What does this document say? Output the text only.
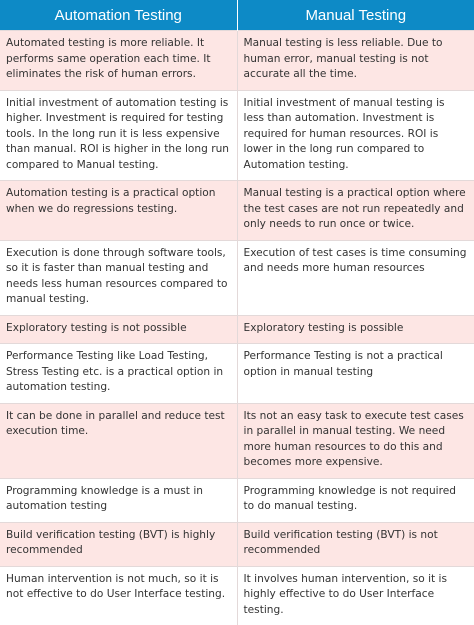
Automation Testing	Manual Testing
Automated testing is more reliable. It performs same operation each time. It eliminates the risk of human errors.	Manual testing is less reliable. Due to human error, manual testing is not accurate all the time.
Initial investment of automation testing is higher. Investment is required for testing tools. In the long run it is less expensive than manual. ROI is higher in the long run compared to Manual testing.	Initial investment of manual testing is less than automation. Investment is required for human resources. ROI is lower in the long run compared to Automation testing.
Automation testing is a practical option when we do regressions testing.	Manual testing is a practical option where the test cases are not run repeatedly and only needs to run once or twice.
Execution is done through software tools, so it is faster than manual testing and needs less human resources compared to manual testing.	Execution of test cases is time consuming and needs more human resources
Exploratory testing is not possible	Exploratory testing is possible
Performance Testing like Load Testing, Stress Testing etc. is a practical option in automation testing.	Performance Testing is not a practical option in manual testing
It can be done in parallel and reduce test execution time.	Its not an easy task to execute test cases in parallel in manual testing. We need more human resources to do this and becomes more expensive.
Programming knowledge is a must in automation testing	Programming knowledge is not required to do manual testing.
Build verification testing (BVT) is highly recommended	Build verification testing (BVT) is not recommended
Human intervention is not much, so it is not effective to do User Interface testing.	It involves human intervention, so it is highly effective to do User Interface testing.
